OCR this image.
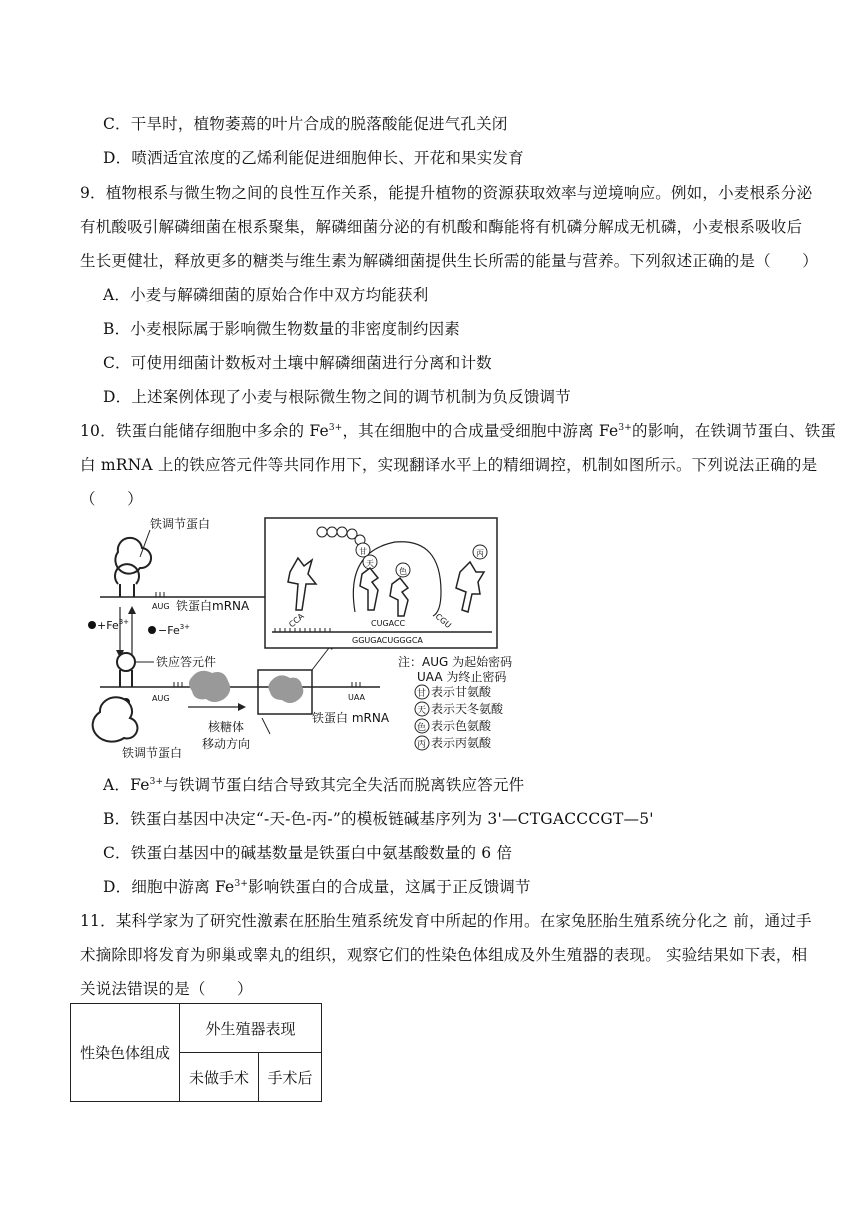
C．干旱时，植物萎蔫的叶片合成的脱落酸能促进气孔关闭
D．喷洒适宜浓度的乙烯利能促进细胞伸长、开花和果实发育
9．植物根系与微生物之间的良性互作关系，能提升植物的资源获取效率与逆境响应。例如，小麦根系分泌
有机酸吸引解磷细菌在根系聚集，解磷细菌分泌的有机酸和酶能将有机磷分解成无机磷，小麦根系吸收后
生长更健壮，释放更多的糖类与维生素为解磷细菌提供生长所需的能量与营养。下列叙述正确的是（　　）
A．小麦与解磷细菌的原始合作中双方均能获利
B．小麦根际属于影响微生物数量的非密度制约因素
C．可使用细菌计数板对土壤中解磷细菌进行分离和计数
D．上述案例体现了小麦与根际微生物之间的调节机制为负反馈调节
10．铁蛋白能储存细胞中多余的 $Fe^{3+}$，其在细胞中的合成量受细胞中游离 $Fe^{3+}$的影响，在铁调节蛋白、铁蛋
白 mRNA 上的铁应答元件等共同作用下，实现翻译水平上的精细调控，机制如图所示。下列说法正确的是
（　　）
铁调节蛋白
AUG 铁蛋白mRNA
$+Fe^{3+}$
$-Fe^{3+}$
铁应答元件
铁调节蛋白
AUG
核糖体
移动方向
UAA
铁蛋白 mRNA
CCA
甘
天
色
CUGACC
丙
CGU
GGUGACUGGGCA
注：AUG 为起始密码
UAA 为终止密码
甘 表示甘氨酸
天 表示天冬氨酸
色 表示色氨酸
丙 表示丙氨酸
A．$Fe^{3+}$与铁调节蛋白结合导致其完全失活而脱离铁应答元件
B．铁蛋白基因中决定“-天-色-丙-”的模板链碱基序列为 3'—CTGACCCGT—5'
C．铁蛋白基因中的碱基数量是铁蛋白中氨基酸数量的 6 倍
D．细胞中游离 $Fe^{3+}$影响铁蛋白的合成量，这属于正反馈调节
11．某科学家为了研究性激素在胚胎生殖系统发育中所起的作用。在家兔胚胎生殖系统分化之 前，通过手
术摘除即将发育为卵巢或睾丸的组织，观察它们的性染色体组成及外生殖器的表现。 实验结果如下表，相
关说法错误的是（　　）
性染色体组成	外生殖器表现	
	未做手术	手术后
